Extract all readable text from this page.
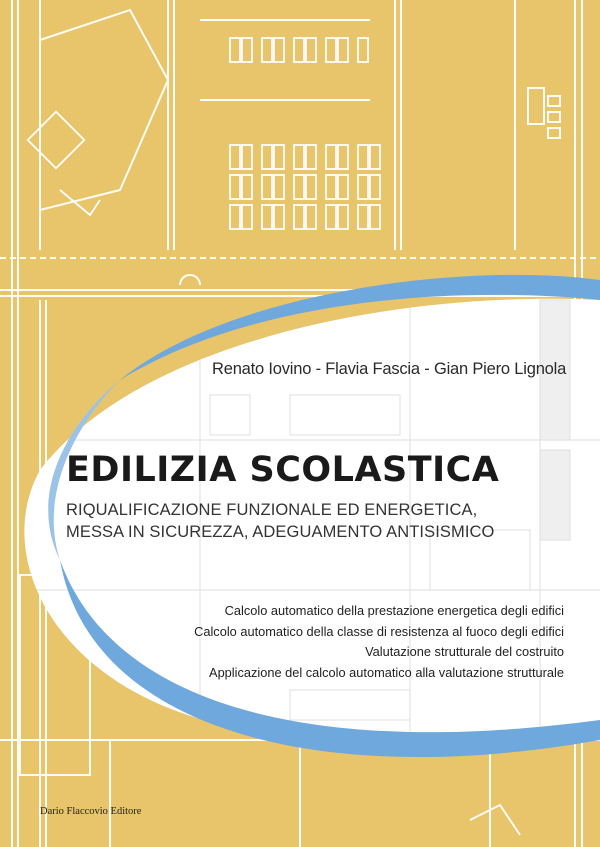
Renato Iovino - Flavia Fascia - Gian Piero Lignola
EDILIZIA SCOLASTICA
RIQUALIFICAZIONE FUNZIONALE ED ENERGETICA,
MESSA IN SICUREZZA, ADEGUAMENTO ANTISISMICO
Calcolo automatico della prestazione energetica degli edifici
Calcolo automatico della classe di resistenza al fuoco degli edifici
Valutazione strutturale del costruito
Applicazione del calcolo automatico alla valutazione strutturale
Dario Flaccovio Editore
